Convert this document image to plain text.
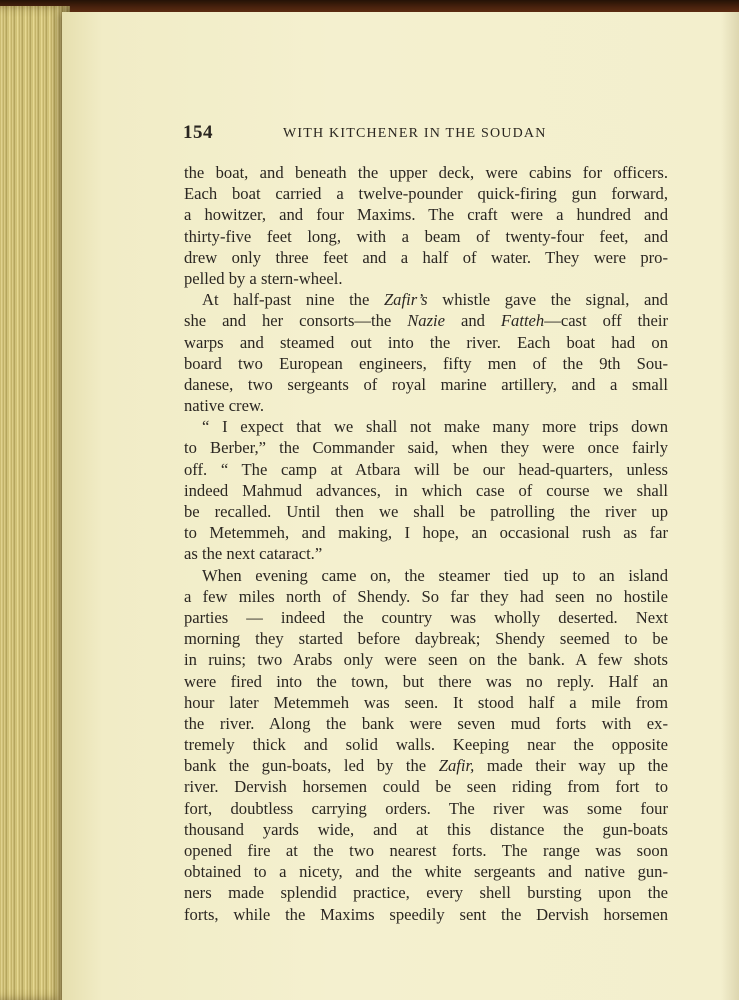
154	WITH KITCHENER IN THE SOUDAN
the boat, and beneath the upper deck, were cabins for officers.
Each boat carried a twelve-pounder quick-firing gun forward,
a howitzer, and four Maxims. The craft were a hundred and
thirty-five feet long, with a beam of twenty-four feet, and
drew only three feet and a half of water. They were pro-
pelled by a stern-wheel.
At half-past nine the Zafir’s whistle gave the signal, and
she and her consorts—the Nazie and Fatteh—cast off their
warps and steamed out into the river. Each boat had on
board two European engineers, fifty men of the 9th Sou-
danese, two sergeants of royal marine artillery, and a small
native crew.
“ I expect that we shall not make many more trips down
to Berber,” the Commander said, when they were once fairly
off. “ The camp at Atbara will be our head-quarters, unless
indeed Mahmud advances, in which case of course we shall
be recalled. Until then we shall be patrolling the river up
to Metemmeh, and making, I hope, an occasional rush as far
as the next cataract.”
When evening came on, the steamer tied up to an island
a few miles north of Shendy. So far they had seen no hostile
parties — indeed the country was wholly deserted. Next
morning they started before daybreak; Shendy seemed to be
in ruins; two Arabs only were seen on the bank. A few shots
were fired into the town, but there was no reply. Half an
hour later Metemmeh was seen. It stood half a mile from
the river. Along the bank were seven mud forts with ex-
tremely thick and solid walls. Keeping near the opposite
bank the gun-boats, led by the Zafir, made their way up the
river. Dervish horsemen could be seen riding from fort to
fort, doubtless carrying orders. The river was some four
thousand yards wide, and at this distance the gun-boats
opened fire at the two nearest forts. The range was soon
obtained to a nicety, and the white sergeants and native gun-
ners made splendid practice, every shell bursting upon the
forts, while the Maxims speedily sent the Dervish horsemen
